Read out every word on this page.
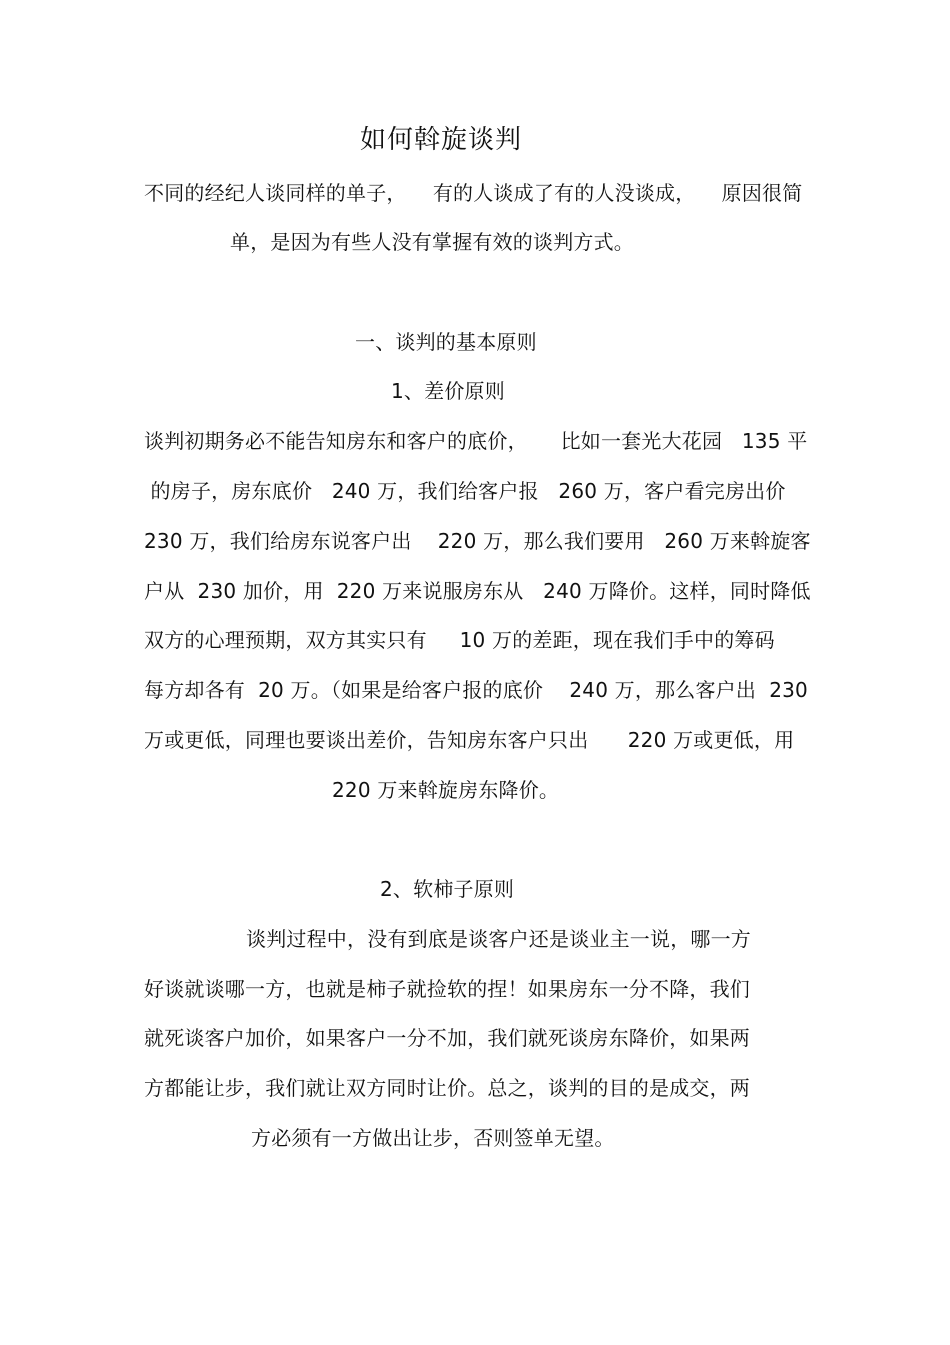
如何斡旋谈判
不同的经纪人谈同样的单子，    有的人谈成了有的人没谈成，    原因很简
单，是因为有些人没有掌握有效的谈判方式。
一、谈判的基本原则
1、差价原则
谈判初期务必不能告知房东和客户的底价，     比如一套光大花园   135 平
的房子，房东底价   240 万，我们给客户报   260 万，客户看完房出价
230 万，我们给房东说客户出    220 万，那么我们要用   260 万来斡旋客
户从  230 加价，用  220 万来说服房东从   240 万降价。这样，同时降低
双方的心理预期，双方其实只有     10 万的差距，现在我们手中的筹码
每方却各有  20 万。（如果是给客户报的底价    240 万，那么客户出  230
万或更低，同理也要谈出差价，告知房东客户只出      220 万或更低，用
220 万来斡旋房东降价。
2、软柿子原则
谈判过程中，没有到底是谈客户还是谈业主一说，哪一方
好谈就谈哪一方，也就是柿子就捡软的捏！如果房东一分不降，我们
就死谈客户加价，如果客户一分不加，我们就死谈房东降价，如果两
方都能让步，我们就让双方同时让价。总之，谈判的目的是成交，两
方必须有一方做出让步，否则签单无望。
